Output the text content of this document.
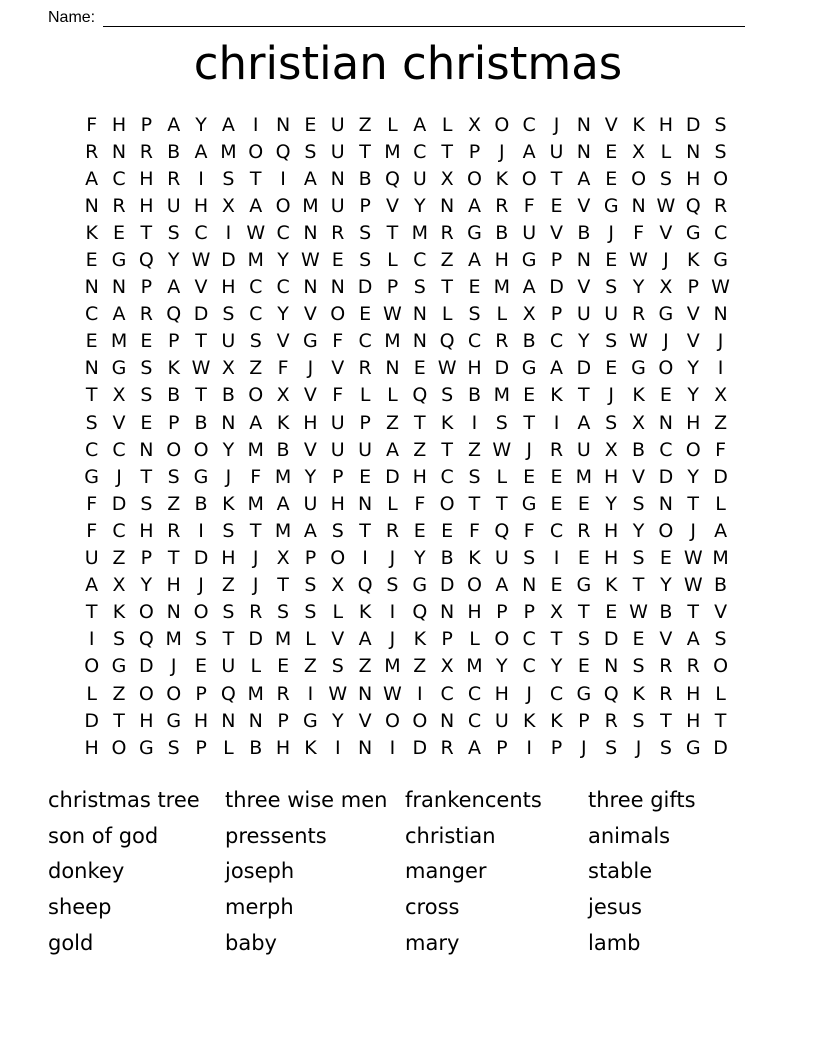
Name:
christian christmas
F H P A Y A I N E U Z L A L X O C J N V K H D S
R N R B A M O Q S U T M C T P J A U N E X L N S
A C H R I S T I A N B Q U X O K O T A E O S H O
N R H U H X A O M U P V Y N A R F E V G N W Q R
K E T S C I W C N R S T M R G B U V B J	F V G C
E G Q Y W D M Y W E S L C Z A H G P N E W J K G
N N P A V H C C N N D P S T E M A D V S Y X P W
C A R Q D S C Y V O E W N L S L X P U U R G V N
E M E P T U S V G F C M N Q C R B C Y S W J V J
N G S K W X Z F	J V R N E W H D G A D E G O Y I
T X S B T B O X V F L L Q S B M E K T J K E Y X
S V E P B N A K H U P Z T K I S T I A S X N H Z
C C N O O Y M B V U U A Z T Z W J R U X B C O F
G J T S G J	F M Y P E D H C S L E E M H V D Y D
F D S Z B K M A U H N L F O T T G E E Y S N T L
F C H R I S T M A S T R E E F Q F C R H Y O J A
U Z P T D H J X P O I	J Y B K U S I E H S E W M
A X Y H J Z J T S X Q S G D O A N E G K T Y W B
T K O N O S R S S L K I Q N H P P X T E W B T V
I S Q M S T D M L V A J K P L O C T S D E V A S
O G D J E U L E Z S Z M Z X M Y C Y E N S R R O
L Z O O P Q M R I W N W I C C H J C G Q K R H L
D T H G H N N P G Y V O O N C U K K P R S T H T
H O G S P L B H K I N I D R A P I P J S J S G D
christmas tree
son of god
donkey
sheep
gold
three wise men
pressents
joseph
merph
baby
frankencents
christian
manger
cross
mary
three gifts
animals
stable
jesus
lamb
